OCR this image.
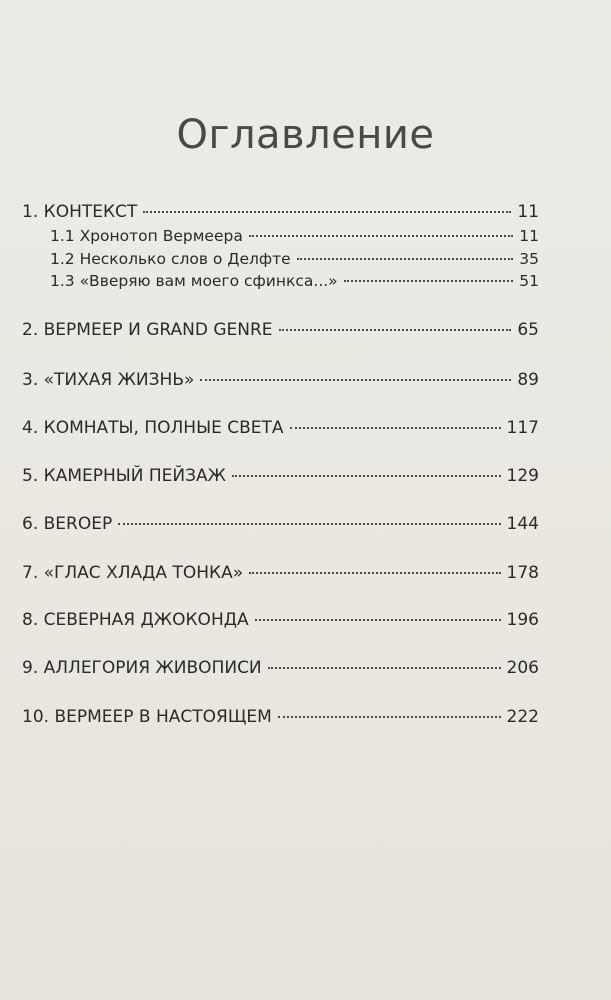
Оглавление
1. КОНТЕКСТ	11
1.1 Хронотоп Вермеера	11
1.2 Несколько слов о Делфте	35
1.3 «Вверяю вам моего сфинкса...»	51
2. ВЕРМЕЕР И GRAND GENRE	65
3. «ТИХАЯ ЖИЗНЬ»	89
4. КОМНАТЫ, ПОЛНЫЕ СВЕТА	117
5. КАМЕРНЫЙ ПЕЙЗАЖ	129
6. BEROEP	144
7. «ГЛАС ХЛАДА ТОНКА»	178
8. СЕВЕРНАЯ ДЖОКОНДА	196
9. АЛЛЕГОРИЯ ЖИВОПИСИ	206
10. ВЕРМЕЕР В НАСТОЯЩЕМ	222
